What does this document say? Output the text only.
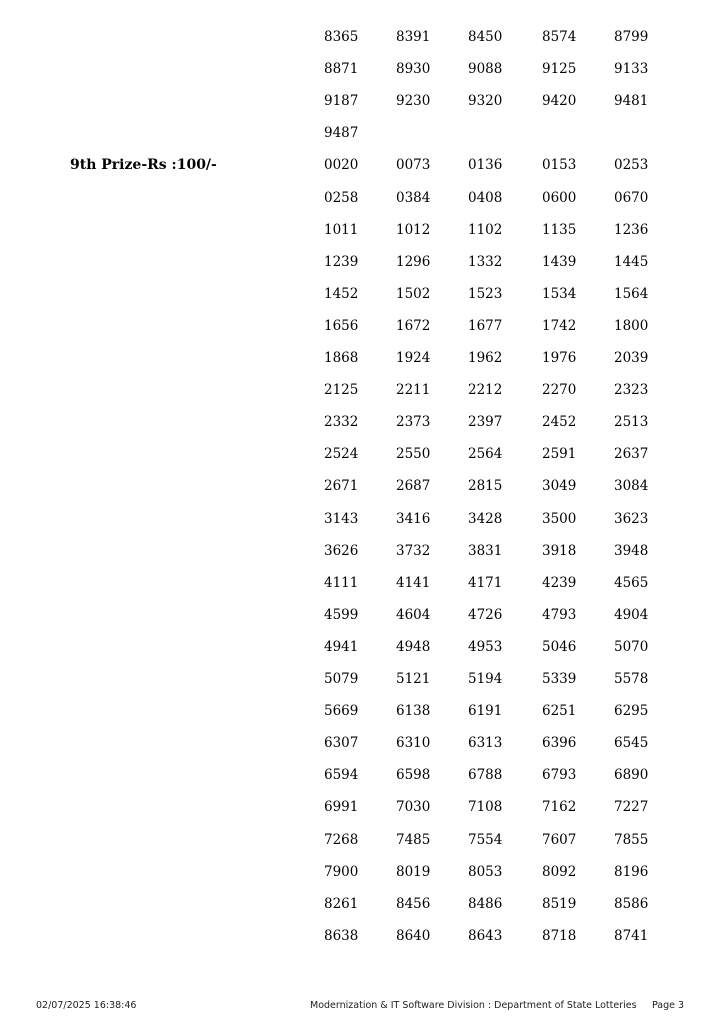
9th Prize-Rs :100/-
8365	8391	8450	8574	8799
8871	8930	9088	9125	9133
9187	9230	9320	9420	9481
9487
0020	0073	0136	0153	0253
0258	0384	0408	0600	0670
1011	1012	1102	1135	1236
1239	1296	1332	1439	1445
1452	1502	1523	1534	1564
1656	1672	1677	1742	1800
1868	1924	1962	1976	2039
2125	2211	2212	2270	2323
2332	2373	2397	2452	2513
2524	2550	2564	2591	2637
2671	2687	2815	3049	3084
3143	3416	3428	3500	3623
3626	3732	3831	3918	3948
4111	4141	4171	4239	4565
4599	4604	4726	4793	4904
4941	4948	4953	5046	5070
5079	5121	5194	5339	5578
5669	6138	6191	6251	6295
6307	6310	6313	6396	6545
6594	6598	6788	6793	6890
6991	7030	7108	7162	7227
7268	7485	7554	7607	7855
7900	8019	8053	8092	8196
8261	8456	8486	8519	8586
8638	8640	8643	8718	8741
02/07/2025 16:38:46	Modernization & IT Software Division : Department of State Lotteries Page 3
